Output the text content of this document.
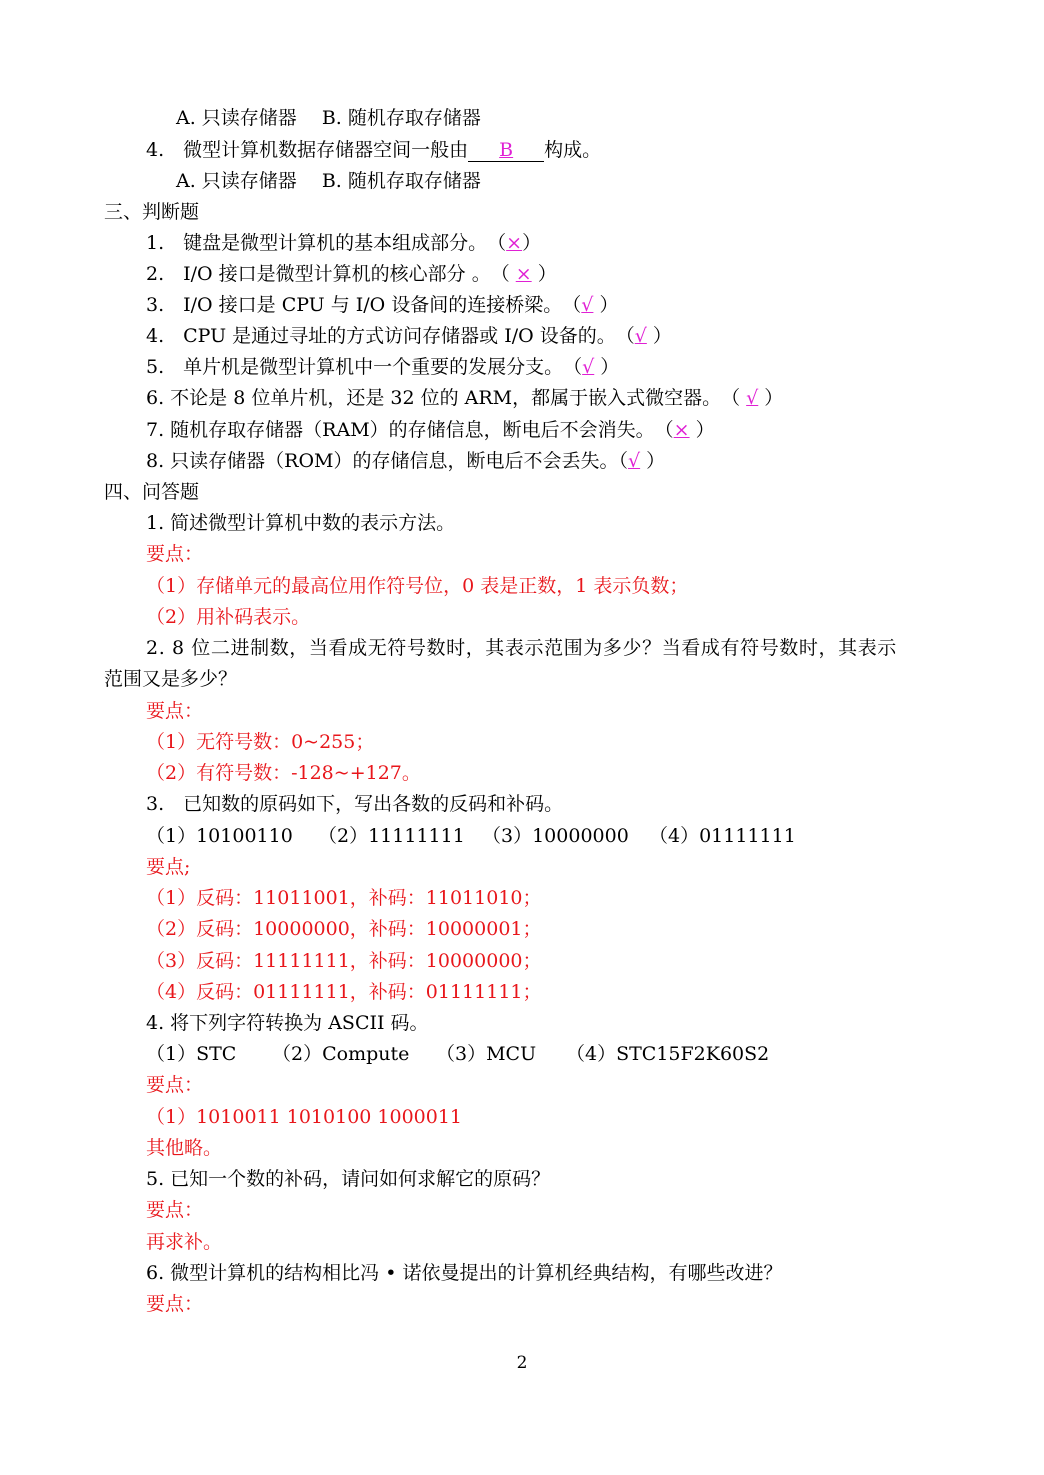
A. 只读存储器　 B. 随机存取存储器
4.　微型计算机数据存储器空间一般由 B 构成。
A. 只读存储器　 B. 随机存取存储器
三、判断题
1.　键盘是微型计算机的基本组成部分。　（×）
2.　I/O 接口是微型计算机的核心部分 。　（ × ）
3.　I/O 接口是 CPU 与 I/O 设备间的连接桥梁。　（√ ）
4.　CPU 是通过寻址的方式访问存储器或 I/O 设备的。　（√ ）
5.　单片机是微型计算机中一个重要的发展分支。　（√ ）
6. 不论是 8 位单片机，还是 32 位的 ARM，都属于嵌入式微空器。　（ √ ）
7. 随机存取存储器（RAM）的存储信息，断电后不会消失。　（× ）
8. 只读存储器（ROM）的存储信息，断电后不会丢失。（√ ）
四、问答题
1. 简述微型计算机中数的表示方法。
要点：
（1）存储单元的最高位用作符号位，0 表是正数，1 表示负数；
（2）用补码表示。
2. 8 位二进制数，当看成无符号数时，其表示范围为多少？当看成有符号数时，其表示
范围又是多少？
要点：
（1）无符号数：0~255；
（2）有符号数：-128~+127。
3.　已知数的原码如下，写出各数的反码和补码。
（1）10100110 （2）11111111 （3）10000000 （4）01111111
要点;
（1）反码：11011001，补码：11011010；
（2）反码：10000000，补码：10000001；
（3）反码：11111111，补码：10000000；
（4）反码：01111111，补码：01111111；
4. 将下列字符转换为 ASCII 码。
（1）STC （2）Compute （3）MCU （4）STC15F2K60S2
要点：
（1）1010011 1010100 1000011
其他略。
5. 已知一个数的补码，请问如何求解它的原码？
要点：
再求补。
6. 微型计算机的结构相比冯 • 诺依曼提出的计算机经典结构，有哪些改进？
要点：
2
